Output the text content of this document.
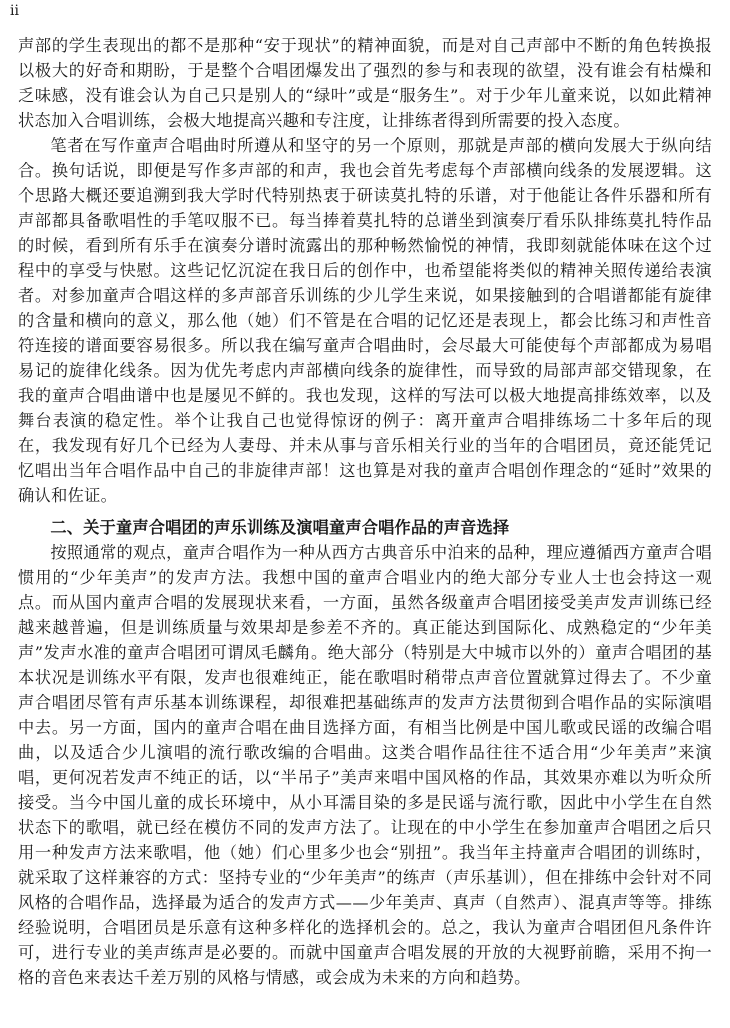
ii

声部的学生表现出的都不是那种“安于现状”的精神面貌，而是对自己声部中不断的角色转换报以极大的好奇和期盼，于是整个合唱团爆发出了强烈的参与和表现的欲望，没有谁会有枯燥和乏味感，没有谁会认为自己只是别人的“绿叶”或是“服务生”。对于少年儿童来说，以如此精神状态加入合唱训练，会极大地提高兴趣和专注度，让排练者得到所需要的投入态度。

笔者在写作童声合唱曲时所遵从和坚守的另一个原则，那就是声部的横向发展大于纵向结合。换句话说，即便是写作多声部的和声，我也会首先考虑每个声部横向线条的发展逻辑。这个思路大概还要追溯到我大学时代特别热衷于研读莫扎特的乐谱，对于他能让各件乐器和所有声部都具备歌唱性的手笔叹服不已。每当捧着莫扎特的总谱坐到演奏厅看乐队排练莫扎特作品的时候，看到所有乐手在演奏分谱时流露出的那种畅然愉悦的神情，我即刻就能体味在这个过程中的享受与快慰。这些记忆沉淀在我日后的创作中，也希望能将类似的精神关照传递给表演者。对参加童声合唱这样的多声部音乐训练的少儿学生来说，如果接触到的合唱谱都能有旋律的含量和横向的意义，那么他（她）们不管是在合唱的记忆还是表现上，都会比练习和声性音符连接的谱面要容易很多。所以我在编写童声合唱曲时，会尽最大可能使每个声部都成为易唱易记的旋律化线条。因为优先考虑内声部横向线条的旋律性，而导致的局部声部交错现象，在我的童声合唱曲谱中也是屡见不鲜的。我也发现，这样的写法可以极大地提高排练效率，以及舞台表演的稳定性。举个让我自己也觉得惊讶的例子：离开童声合唱排练场二十多年后的现在，我发现有好几个已经为人妻母、并未从事与音乐相关行业的当年的合唱团员，竟还能凭记忆唱出当年合唱作品中自己的非旋律声部！这也算是对我的童声合唱创作理念的“延时”效果的确认和佐证。

二、关于童声合唱团的声乐训练及演唱童声合唱作品的声音选择

按照通常的观点，童声合唱作为一种从西方古典音乐中泊来的品种，理应遵循西方童声合唱惯用的“少年美声”的发声方法。我想中国的童声合唱业内的绝大部分专业人士也会持这一观点。而从国内童声合唱的发展现状来看，一方面，虽然各级童声合唱团接受美声发声训练已经越来越普遍，但是训练质量与效果却是参差不齐的。真正能达到国际化、成熟稳定的“少年美声”发声水准的童声合唱团可谓凤毛麟角。绝大部分（特别是大中城市以外的）童声合唱团的基本状况是训练水平有限，发声也很难纯正，能在歌唱时稍带点声音位置就算过得去了。不少童声合唱团尽管有声乐基本训练课程，却很难把基础练声的发声方法贯彻到合唱作品的实际演唱中去。另一方面，国内的童声合唱在曲目选择方面，有相当比例是中国儿歌或民谣的改编合唱曲，以及适合少儿演唱的流行歌改编的合唱曲。这类合唱作品往往不适合用“少年美声”来演唱，更何况若发声不纯正的话，以“半吊子”美声来唱中国风格的作品，其效果亦难以为听众所接受。当今中国儿童的成长环境中，从小耳濡目染的多是民谣与流行歌，因此中小学生在自然状态下的歌唱，就已经在模仿不同的发声方法了。让现在的中小学生在参加童声合唱团之后只用一种发声方法来歌唱，他（她）们心里多少也会“别扭”。我当年主持童声合唱团的训练时，就采取了这样兼容的方式：坚持专业的“少年美声”的练声（声乐基训），但在排练中会针对不同风格的合唱作品，选择最为适合的发声方式——少年美声、真声（自然声）、混真声等等。排练经验说明，合唱团员是乐意有这种多样化的选择机会的。总之，我认为童声合唱团但凡条件许可，进行专业的美声练声是必要的。而就中国童声合唱发展的开放的大视野前瞻，采用不拘一格的音色来表达千差万别的风格与情感，或会成为未来的方向和趋势。
